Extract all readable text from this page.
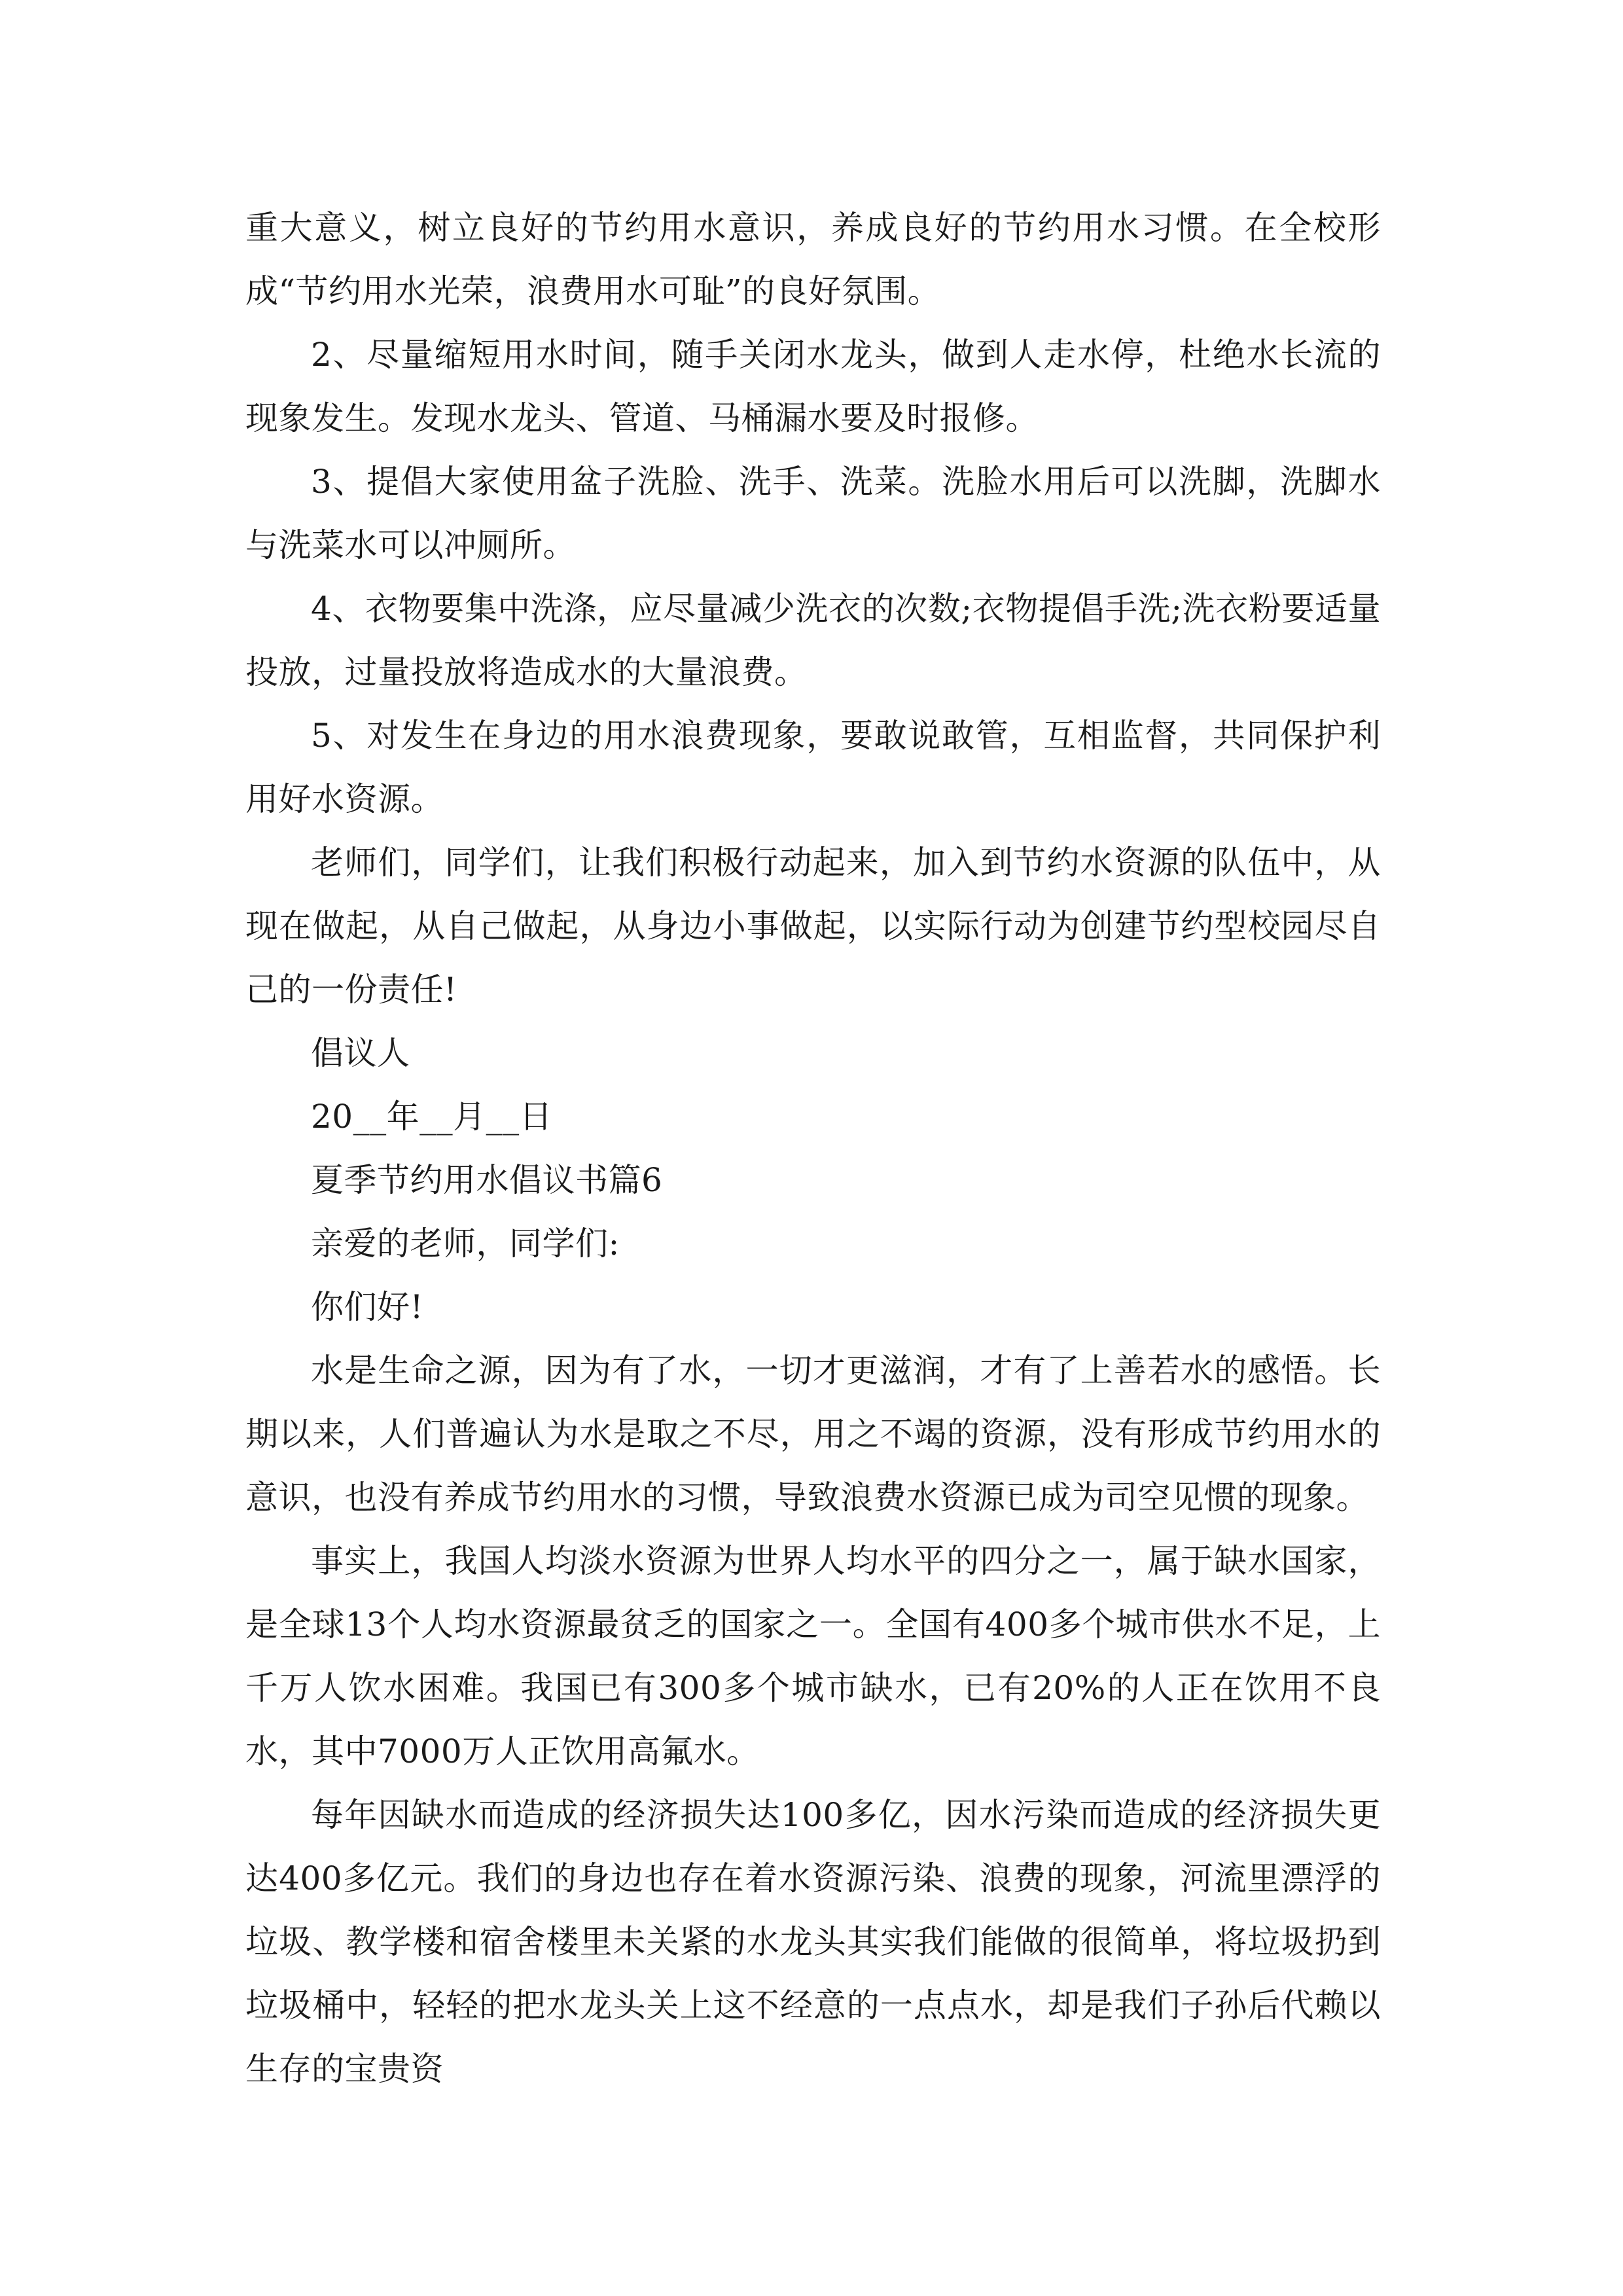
重大意义，树立良好的节约用水意识，养成良好的节约用水习惯。在全校形成“节约用水光荣，浪费用水可耻”的良好氛围。

2、尽量缩短用水时间，随手关闭水龙头，做到人走水停，杜绝水长流的现象发生。发现水龙头、管道、马桶漏水要及时报修。

3、提倡大家使用盆子洗脸、洗手、洗菜。洗脸水用后可以洗脚，洗脚水与洗菜水可以冲厕所。

4、衣物要集中洗涤，应尽量减少洗衣的次数;衣物提倡手洗;洗衣粉要适量投放，过量投放将造成水的大量浪费。

5、对发生在身边的用水浪费现象，要敢说敢管，互相监督，共同保护利用好水资源。

老师们，同学们，让我们积极行动起来，加入到节约水资源的队伍中，从现在做起，从自己做起，从身边小事做起，以实际行动为创建节约型校园尽自己的一份责任!

倡议人

20__年__月__日

夏季节约用水倡议书篇6

亲爱的老师，同学们:

你们好!

水是生命之源，因为有了水，一切才更滋润，才有了上善若水的感悟。长期以来，人们普遍认为水是取之不尽，用之不竭的资源，没有形成节约用水的意识，也没有养成节约用水的习惯，导致浪费水资源已成为司空见惯的现象。

事实上，我国人均淡水资源为世界人均水平的四分之一，属于缺水国家，是全球13个人均水资源最贫乏的国家之一。全国有400多个城市供水不足，上千万人饮水困难。我国已有300多个城市缺水，已有20%的人正在饮用不良水，其中7000万人正饮用高氟水。

每年因缺水而造成的经济损失达100多亿，因水污染而造成的经济损失更达400多亿元。我们的身边也存在着水资源污染、浪费的现象，河流里漂浮的垃圾、教学楼和宿舍楼里未关紧的水龙头其实我们能做的很简单，将垃圾扔到垃圾桶中，轻轻的把水龙头关上这不经意的一点点水，却是我们子孙后代赖以生存的宝贵资
